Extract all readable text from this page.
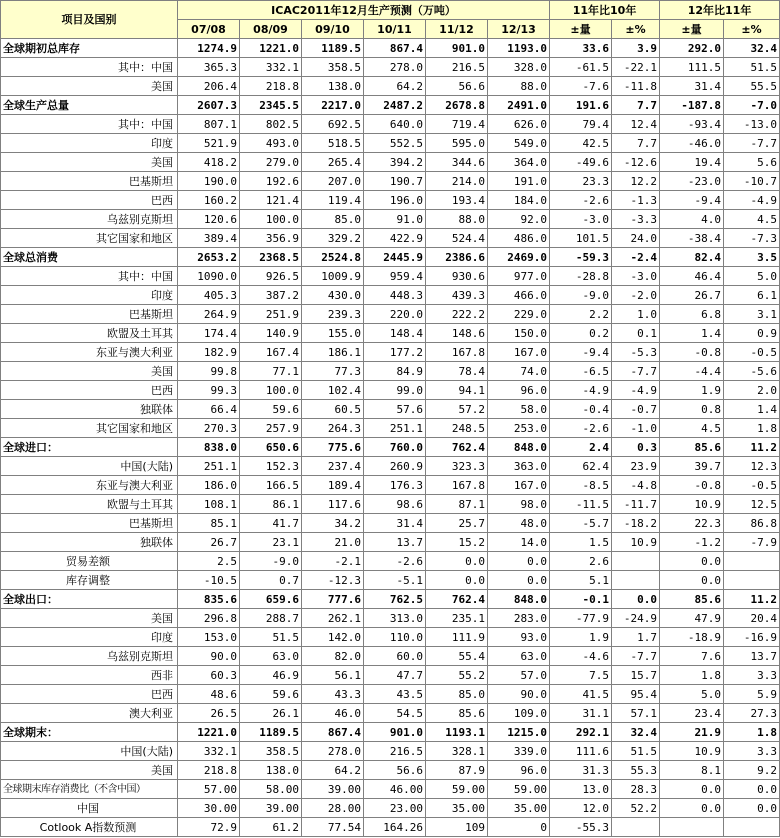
项目及国别	ICAC2011年12月生产预测（万吨）						11年比10年		12年比11年	
	07/08	08/09	09/10	10/11	11/12	12/13	±量	±%	±量	±%
全球期初总库存	1274.9	1221.0	1189.5	867.4	901.0	1193.0	33.6	3.9	292.0	32.4
其中：中国	365.3	332.1	358.5	278.0	216.5	328.0	-61.5	-22.1	111.5	51.5
美国	206.4	218.8	138.0	64.2	56.6	88.0	-7.6	-11.8	31.4	55.5
全球生产总量	2607.3	2345.5	2217.0	2487.2	2678.8	2491.0	191.6	7.7	-187.8	-7.0
其中：中国	807.1	802.5	692.5	640.0	719.4	626.0	79.4	12.4	-93.4	-13.0
印度	521.9	493.0	518.5	552.5	595.0	549.0	42.5	7.7	-46.0	-7.7
美国	418.2	279.0	265.4	394.2	344.6	364.0	-49.6	-12.6	19.4	5.6
巴基斯坦	190.0	192.6	207.0	190.7	214.0	191.0	23.3	12.2	-23.0	-10.7
巴西	160.2	121.4	119.4	196.0	193.4	184.0	-2.6	-1.3	-9.4	-4.9
乌兹别克斯坦	120.6	100.0	85.0	91.0	88.0	92.0	-3.0	-3.3	4.0	4.5
其它国家和地区	389.4	356.9	329.2	422.9	524.4	486.0	101.5	24.0	-38.4	-7.3
全球总消费	2653.2	2368.5	2524.8	2445.9	2386.6	2469.0	-59.3	-2.4	82.4	3.5
其中：中国	1090.0	926.5	1009.9	959.4	930.6	977.0	-28.8	-3.0	46.4	5.0
印度	405.3	387.2	430.0	448.3	439.3	466.0	-9.0	-2.0	26.7	6.1
巴基斯坦	264.9	251.9	239.3	220.0	222.2	229.0	2.2	1.0	6.8	3.1
欧盟及土耳其	174.4	140.9	155.0	148.4	148.6	150.0	0.2	0.1	1.4	0.9
东亚与澳大利亚	182.9	167.4	186.1	177.2	167.8	167.0	-9.4	-5.3	-0.8	-0.5
美国	99.8	77.1	77.3	84.9	78.4	74.0	-6.5	-7.7	-4.4	-5.6
巴西	99.3	100.0	102.4	99.0	94.1	96.0	-4.9	-4.9	1.9	2.0
独联体	66.4	59.6	60.5	57.6	57.2	58.0	-0.4	-0.7	0.8	1.4
其它国家和地区	270.3	257.9	264.3	251.1	248.5	253.0	-2.6	-1.0	4.5	1.8
全球进口：	838.0	650.6	775.6	760.0	762.4	848.0	2.4	0.3	85.6	11.2
中国(大陆)	251.1	152.3	237.4	260.9	323.3	363.0	62.4	23.9	39.7	12.3
东亚与澳大利亚	186.0	166.5	189.4	176.3	167.8	167.0	-8.5	-4.8	-0.8	-0.5
欧盟与土耳其	108.1	86.1	117.6	98.6	87.1	98.0	-11.5	-11.7	10.9	12.5
巴基斯坦	85.1	41.7	34.2	31.4	25.7	48.0	-5.7	-18.2	22.3	86.8
独联体	26.7	23.1	21.0	13.7	15.2	14.0	1.5	10.9	-1.2	-7.9
贸易差额	2.5	-9.0	-2.1	-2.6	0.0	0.0	2.6		0.0	
库存调整	-10.5	0.7	-12.3	-5.1	0.0	0.0	5.1		0.0	
全球出口：	835.6	659.6	777.6	762.5	762.4	848.0	-0.1	0.0	85.6	11.2
美国	296.8	288.7	262.1	313.0	235.1	283.0	-77.9	-24.9	47.9	20.4
印度	153.0	51.5	142.0	110.0	111.9	93.0	1.9	1.7	-18.9	-16.9
乌兹别克斯坦	90.0	63.0	82.0	60.0	55.4	63.0	-4.6	-7.7	7.6	13.7
西非	60.3	46.9	56.1	47.7	55.2	57.0	7.5	15.7	1.8	3.3
巴西	48.6	59.6	43.3	43.5	85.0	90.0	41.5	95.4	5.0	5.9
澳大利亚	26.5	26.1	46.0	54.5	85.6	109.0	31.1	57.1	23.4	27.3
全球期末：	1221.0	1189.5	867.4	901.0	1193.1	1215.0	292.1	32.4	21.9	1.8
中国(大陆)	332.1	358.5	278.0	216.5	328.1	339.0	111.6	51.5	10.9	3.3
美国	218.8	138.0	64.2	56.6	87.9	96.0	31.3	55.3	8.1	9.2
全球期末库存消费比（不含中国）	57.00	58.00	39.00	46.00	59.00	59.00	13.0	28.3	0.0	0.0
中国	30.00	39.00	28.00	23.00	35.00	35.00	12.0	52.2	0.0	0.0
Cotlook A指数预测	72.9	61.2	77.54	164.26	109	0	-55.3			
